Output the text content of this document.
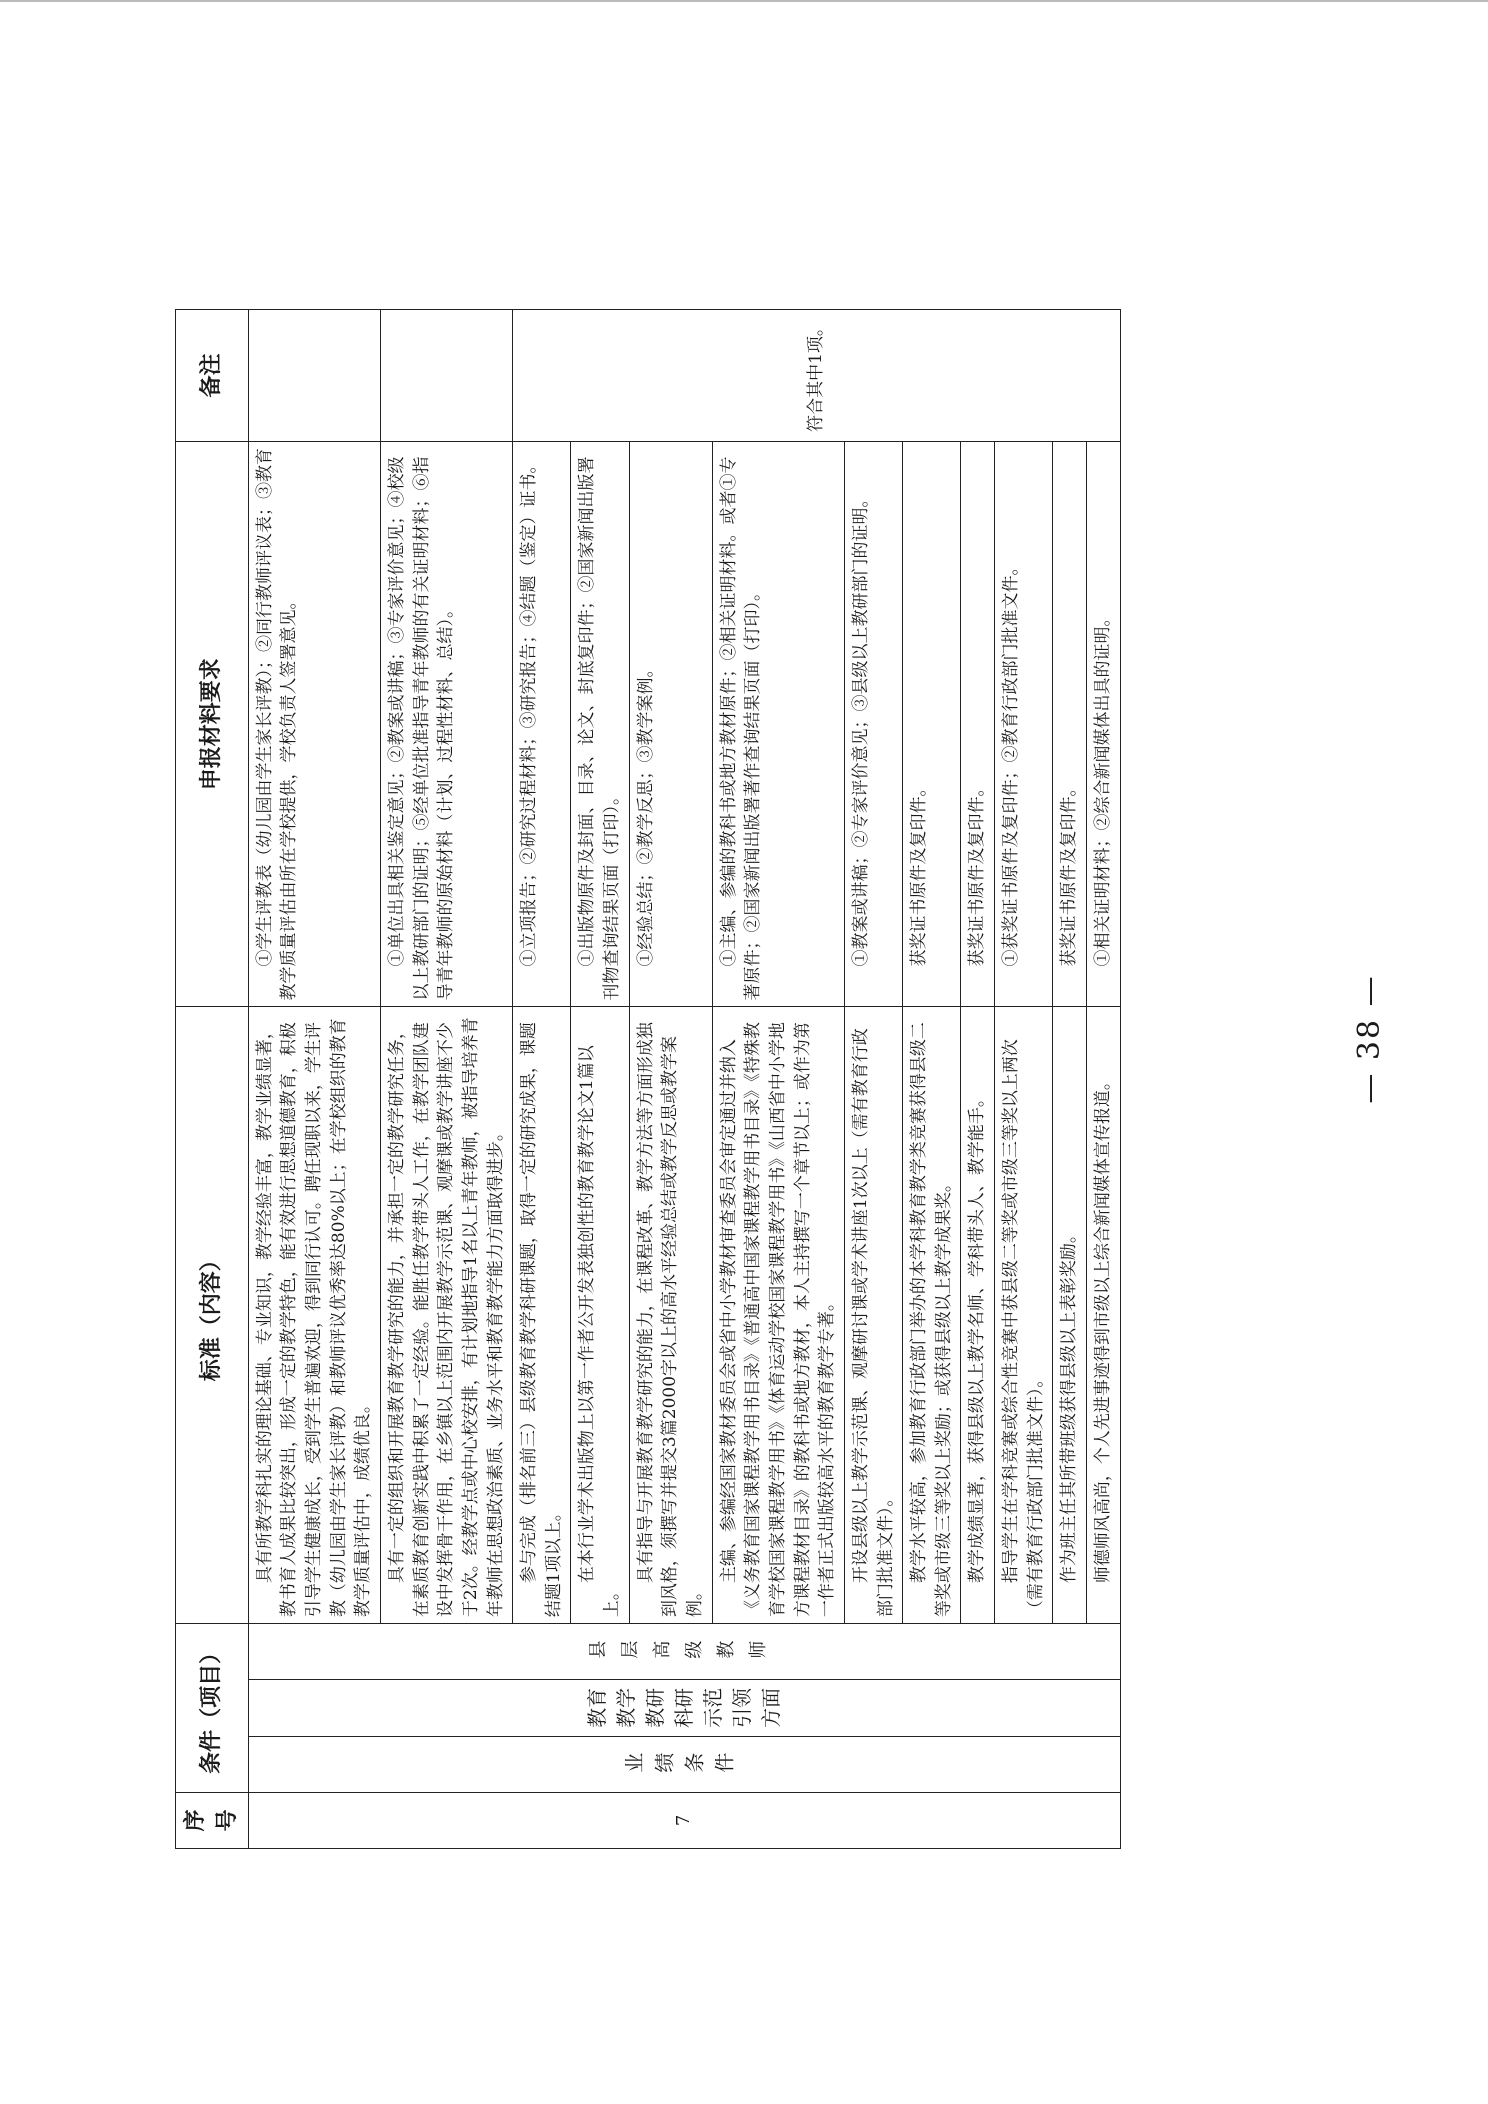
序号	条件（项目）			标准（内容）	申报材料要求	备注
7	业绩条件	教育教学教研科研示范引领方面	县层高级教师	具有所教学科扎实的理论基础、专业知识，教学经验丰富，教学业绩显著，教书育人成果比较突出，形成一定的教学特色，能有效进行思想道德教育，积极引导学生健康成长，受到学生普遍欢迎，得到同行认可。聘任现职以来，学生评教（幼儿园由学生家长评教）和教师评议优秀率达80%以上；在学校组织的教育教学质量评估中，成绩优良。	①学生评教表（幼儿园由学生家长评教）；②同行教师评议表；③教育教学质量评估由所在学校提供，学校负责人签署意见。	
				具有一定的组织和开展教育教学研究的能力，并承担一定的教学研究任务，在素质教育创新实践中积累了一定经验。能胜任教学带头人工作，在教学团队建设中发挥骨干作用，在乡镇以上范围内开展教学示范课、观摩课或教学讲座不少于2次。经教学点或中心校安排，有计划地指导1名以上青年教师，被指导培养青年教师在思想政治素质、业务水平和教育教学能力方面取得进步。	①单位出具相关鉴定意见；②教案或讲稿；③专家评价意见；④校级以上教研部门的证明；⑤经单位批准指导青年教师的有关证明材料；⑥指导青年教师的原始材料（计划、过程性材料、总结）。	
				参与完成（排名前三）县级教育教学科研课题，取得一定的研究成果，课题结题1项以上。	①立项报告；②研究过程材料；③研究报告；④结题（鉴定）证书。	符合其中1项。
				在本行业学术出版物上以第一作者公开发表独创性的教育教学论文1篇以上。	①出版物原件及封面、目录、论文、封底复印件；②国家新闻出版署刊物查询结果页面（打印）。	
				具有指导与开展教育教学研究的能力，在课程改革、教学方法等方面形成独到风格，须撰写并提交3篇2000字以上的高水平经验总结或教学反思或教学案例。	①经验总结；②教学反思；③教学案例。	
				主编、参编经国家教材委员会或省中小学教材审查委员会审定通过并纳入《义务教育国家课程教学用书目录》《普通高中国家课程教学用书目录》《特殊教育学校国家课程教学用书》《体育运动学校国家课程教学用书》《山西省中小学地方课程教材目录》的教科书或地方教材，本人主持撰写一个章节以上；或作为第一作者正式出版较高水平的教育教学专著。	①主编、参编的教科书或地方教材原件；②相关证明材料。或者①专著原件；②国家新闻出版署著作查询结果页面（打印）。	
				开设县级以上教学示范课、观摩研讨课或学术讲座1次以上（需有教育行政部门批准文件）。	①教案或讲稿；②专家评价意见；③县级以上教研部门的证明。	
				教学水平较高，参加教育行政部门举办的本学科教育教学类竞赛获得县级二等奖或市级三等奖以上奖励；或获得县级以上教学成果奖。	获奖证书原件及复印件。	
				教学成绩显著，获得县级以上教学名师、学科带头人、教学能手。	获奖证书原件及复印件。	
				指导学生在学科竞赛或综合性竞赛中获县级二等奖或市级三等奖以上两次（需有教育行政部门批准文件）。	①获奖证书原件及复印件；②教育行政部门批准文件。	
				作为班主任其所带班级获得县级以上表彰奖励。	获奖证书原件及复印件。	
				师德师风高尚，个人先进事迹得到市级以上综合新闻媒体宣传报道。	①相关证明材料；②综合新闻媒体出具的证明。	
— 38 —
